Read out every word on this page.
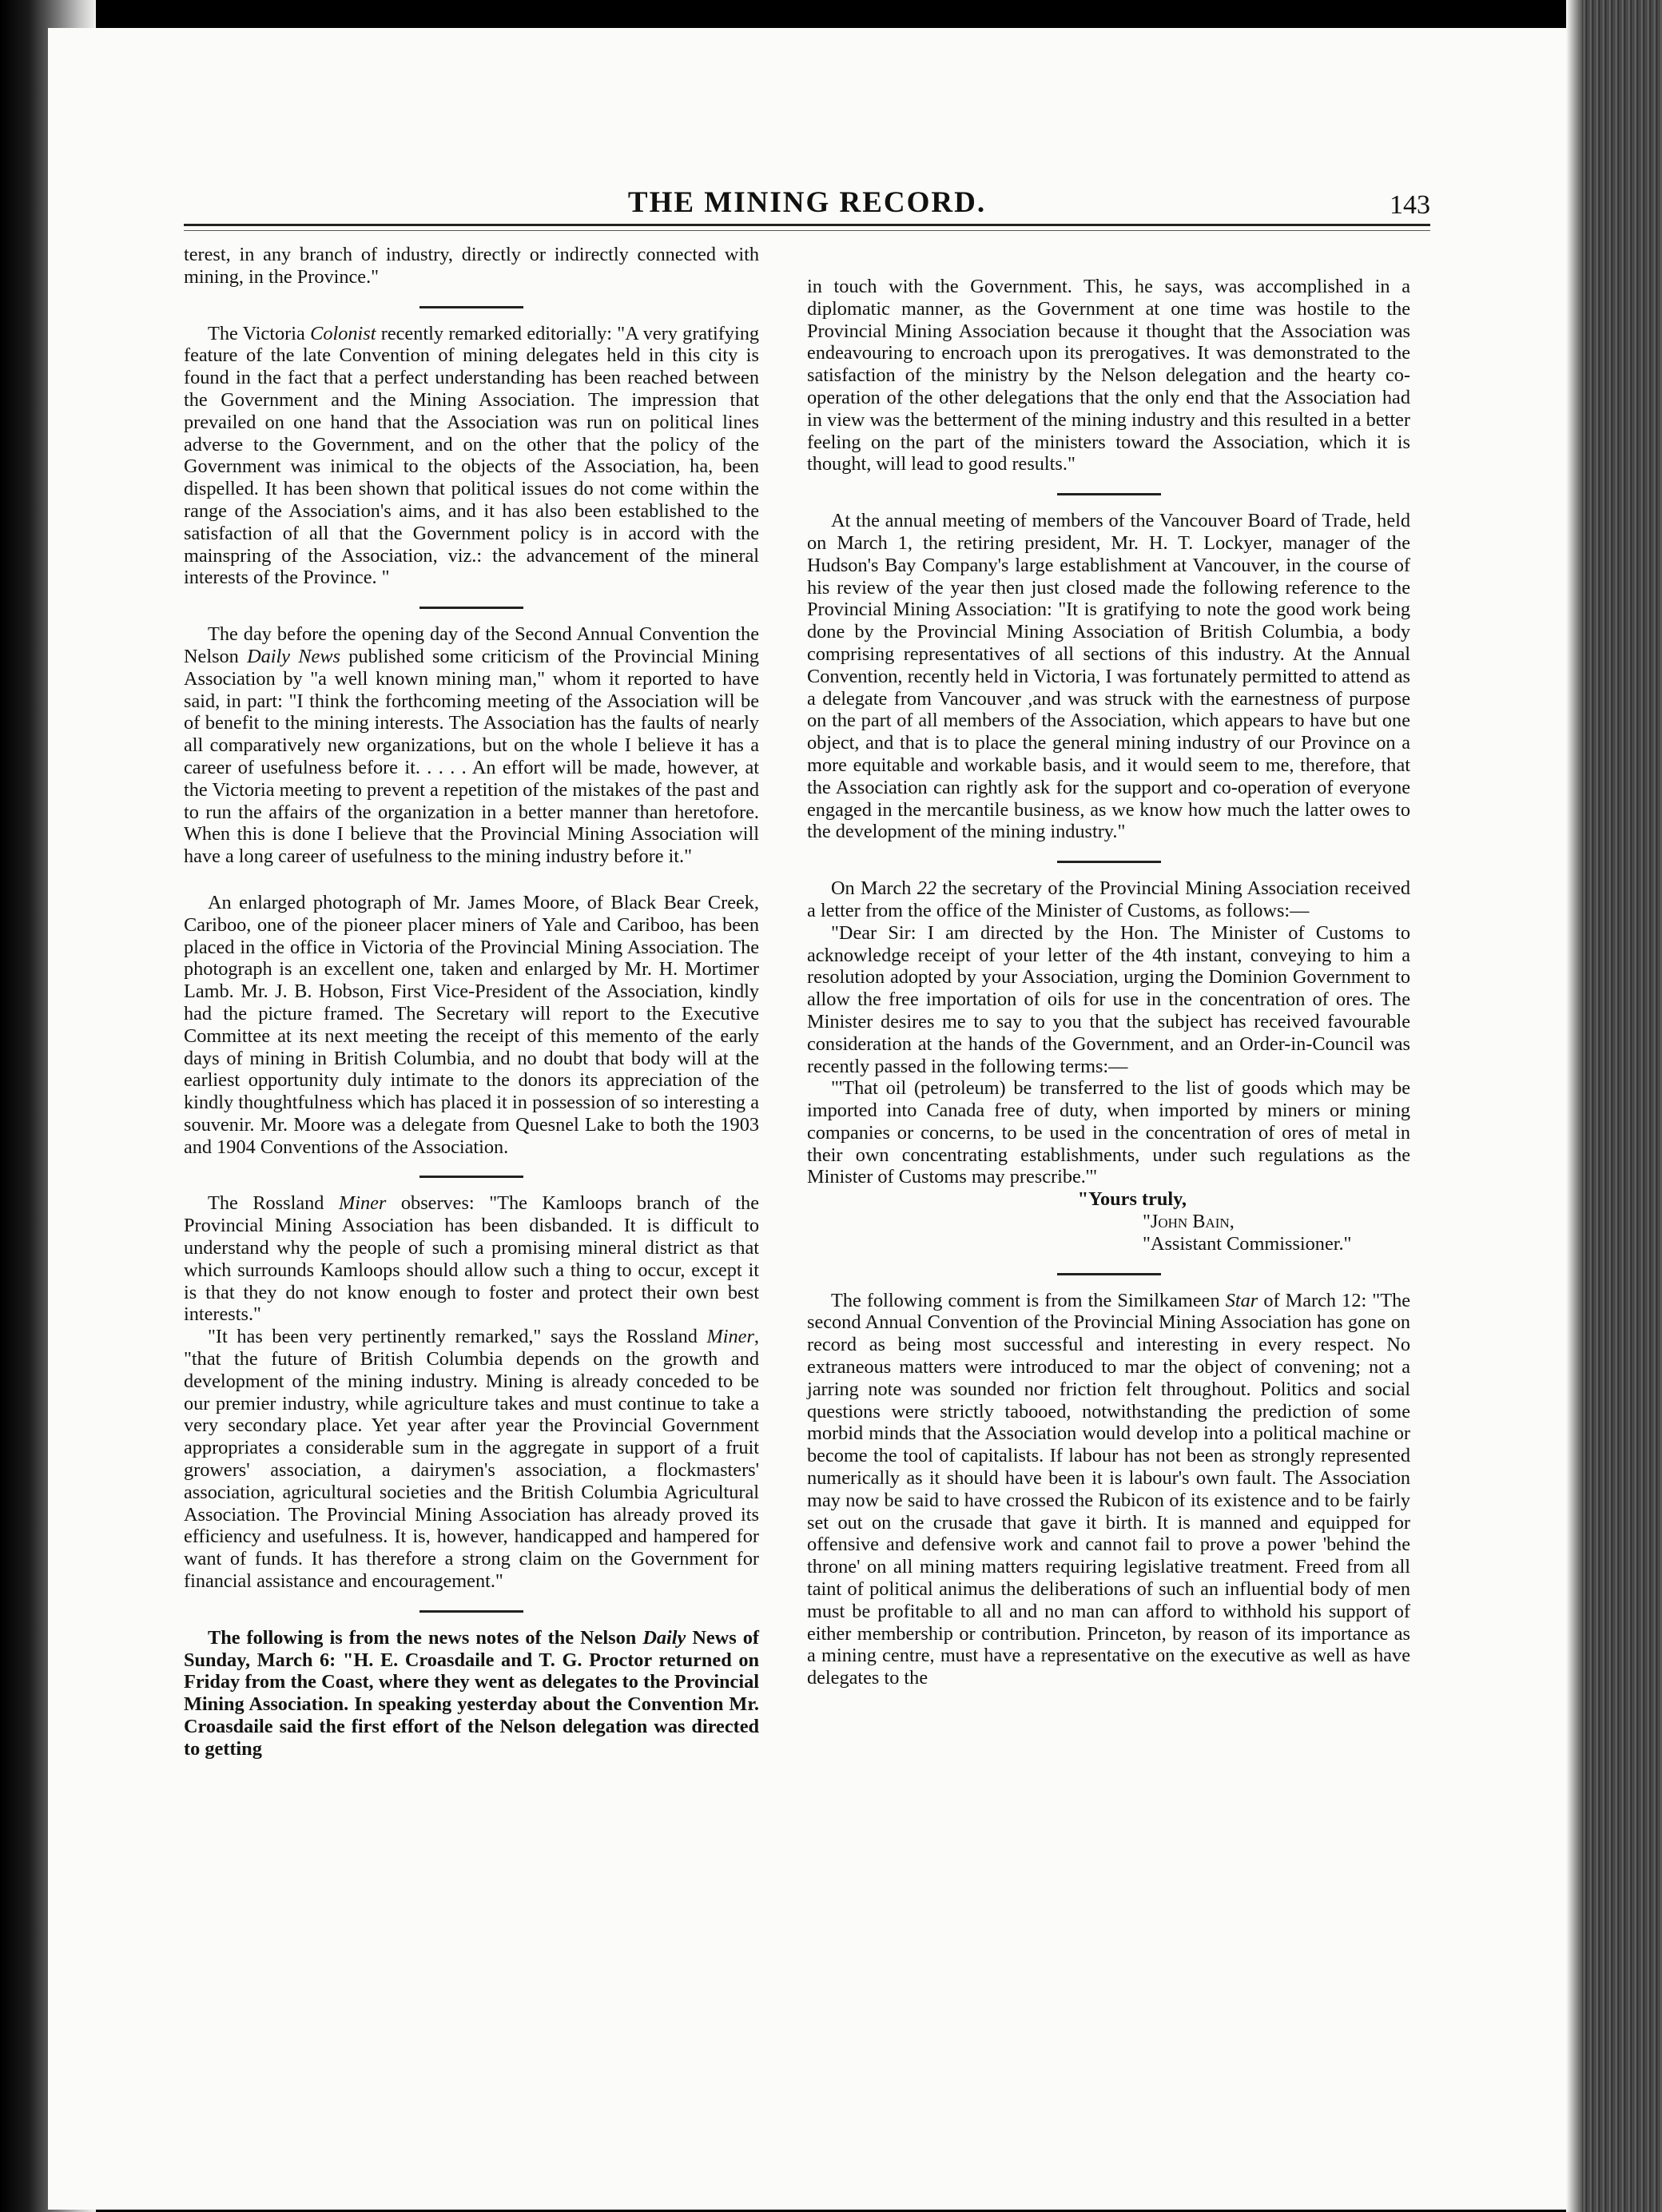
THE MINING RECORD.	143

terest, in any branch of industry, directly or indirectly connected with mining, in the Province."

The Victoria Colonist recently remarked editorially: "A very gratifying feature of the late Convention of mining delegates held in this city is found in the fact that a perfect understanding has been reached between the Government and the Mining Association. The impression that prevailed on one hand that the Association was run on political lines adverse to the Government, and on the other that the policy of the Government was inimical to the objects of the Association, ha, been dispelled. It has been shown that political issues do not come within the range of the Association's aims, and it has also been established to the satisfaction of all that the Government policy is in accord with the mainspring of the Association, viz.: the advancement of the mineral interests of the Province. "

The day before the opening day of the Second Annual Convention the Nelson Daily News published some criticism of the Provincial Mining Association by "a well known mining man," whom it reported to have said, in part: "I think the forthcoming meeting of the Association will be of benefit to the mining interests. The Association has the faults of nearly all comparatively new organizations, but on the whole I believe it has a career of usefulness before it. . . . . An effort will be made, however, at the Victoria meeting to prevent a repetition of the mistakes of the past and to run the affairs of the organization in a better manner than heretofore. When this is done I believe that the Provincial Mining Association will have a long career of usefulness to the mining industry before it."

An enlarged photograph of Mr. James Moore, of Black Bear Creek, Cariboo, one of the pioneer placer miners of Yale and Cariboo, has been placed in the office in Victoria of the Provincial Mining Association. The photograph is an excellent one, taken and enlarged by Mr. H. Mortimer Lamb. Mr. J. B. Hobson, First Vice-President of the Association, kindly had the picture framed. The Secretary will report to the Executive Committee at its next meeting the receipt of this memento of the early days of mining in British Columbia, and no doubt that body will at the earliest opportunity duly intimate to the donors its appreciation of the kindly thoughtfulness which has placed it in possession of so interesting a souvenir. Mr. Moore was a delegate from Quesnel Lake to both the 1903 and 1904 Conventions of the Association.

The Rossland Miner observes: "The Kamloops branch of the Provincial Mining Association has been disbanded. It is difficult to understand why the people of such a promising mineral district as that which surrounds Kamloops should allow such a thing to occur, except it is that they do not know enough to foster and protect their own best interests."

"It has been very pertinently remarked," says the Rossland Miner, "that the future of British Columbia depends on the growth and development of the mining industry. Mining is already conceded to be our premier industry, while agriculture takes and must continue to take a very secondary place. Yet year after year the Provincial Government appropriates a considerable sum in the aggregate in support of a fruit growers' association, a dairymen's association, a flockmasters' association, agricultural societies and the British Columbia Agricultural Association. The Provincial Mining Association has already proved its efficiency and usefulness. It is, however, handicapped and hampered for want of funds. It has therefore a strong claim on the Government for financial assistance and encouragement."

The following is from the news notes of the Nelson Daily News of Sunday, March 6: "H. E. Croasdaile and T. G. Proctor returned on Friday from the Coast, where they went as delegates to the Provincial Mining Association. In speaking yesterday about the Convention Mr. Croasdaile said the first effort of the Nelson delegation was directed to getting

in touch with the Government. This, he says, was accomplished in a diplomatic manner, as the Government at one time was hostile to the Provincial Mining Association because it thought that the Association was endeavouring to encroach upon its prerogatives. It was demonstrated to the satisfaction of the ministry by the Nelson delegation and the hearty co-operation of the other delegations that the only end that the Association had in view was the betterment of the mining industry and this resulted in a better feeling on the part of the ministers toward the Association, which it is thought, will lead to good results."

At the annual meeting of members of the Vancouver Board of Trade, held on March 1, the retiring president, Mr. H. T. Lockyer, manager of the Hudson's Bay Company's large establishment at Vancouver, in the course of his review of the year then just closed made the following reference to the Provincial Mining Association: "It is gratifying to note the good work being done by the Provincial Mining Association of British Columbia, a body comprising representatives of all sections of this industry. At the Annual Convention, recently held in Victoria, I was fortunately permitted to attend as a delegate from Vancouver ,and was struck with the earnestness of purpose on the part of all members of the Association, which appears to have but one object, and that is to place the general mining industry of our Province on a more equitable and workable basis, and it would seem to me, therefore, that the Association can rightly ask for the support and co-operation of everyone engaged in the mercantile business, as we know how much the latter owes to the development of the mining industry."

On March 22 the secretary of the Provincial Mining Association received a letter from the office of the Minister of Customs, as follows:—

"Dear Sir: I am directed by the Hon. The Minister of Customs to acknowledge receipt of your letter of the 4th instant, conveying to him a resolution adopted by your Association, urging the Dominion Government to allow the free importation of oils for use in the concentration of ores. The Minister desires me to say to you that the subject has received favourable consideration at the hands of the Government, and an Order-in-Council was recently passed in the following terms:—

"'That oil (petroleum) be transferred to the list of goods which may be imported into Canada free of duty, when imported by miners or mining companies or concerns, to be used in the concentration of ores of metal in their own concentrating establishments, under such regulations as the Minister of Customs may prescribe.'"

"Yours truly,

"John Bain,

"Assistant Commissioner."

The following comment is from the Similkameen Star of March 12: "The second Annual Convention of the Provincial Mining Association has gone on record as being most successful and interesting in every respect. No extraneous matters were introduced to mar the object of convening; not a jarring note was sounded nor friction felt throughout. Politics and social questions were strictly tabooed, notwithstanding the prediction of some morbid minds that the Association would develop into a political machine or become the tool of capitalists. If labour has not been as strongly represented numerically as it should have been it is labour's own fault. The Association may now be said to have crossed the Rubicon of its existence and to be fairly set out on the crusade that gave it birth. It is manned and equipped for offensive and defensive work and cannot fail to prove a power 'behind the throne' on all mining matters requiring legislative treatment. Freed from all taint of political animus the deliberations of such an influential body of men must be profitable to all and no man can afford to withhold his support of either membership or contribution. Princeton, by reason of its importance as a mining centre, must have a representative on the executive as well as have delegates to the
